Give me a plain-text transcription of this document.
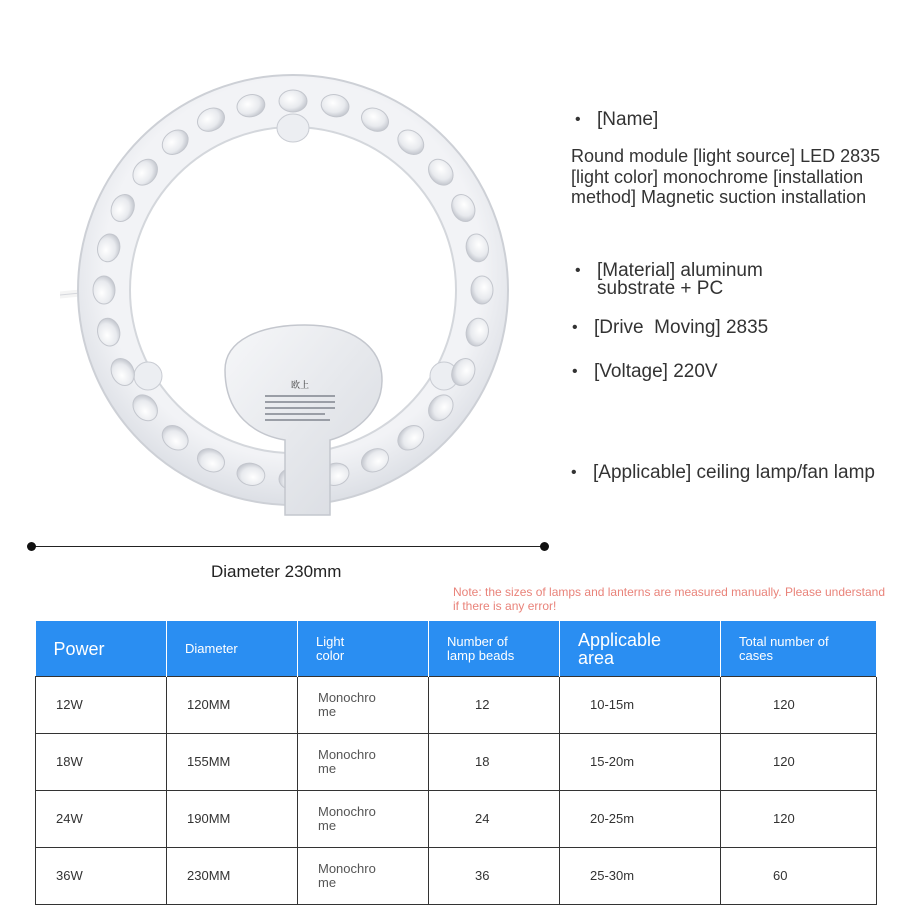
欧上
Diameter 230mm
• [Name]
Round module [light source] LED 2835 [light color] monochrome [installation method] Magnetic suction installation
• [Material] aluminum substrate + PC
• [Drive  Moving] 2835
• [Voltage] 220V
• [Applicable] ceiling lamp/fan lamp
Note: the sizes of lamps and lanterns are measured manually. Please understand if there is any error!
Power	Diameter	Light color	Number of lamp beads	Applicable area	Total number of cases

12W	120MM	Monochrome	12	10-15m	120
18W	155MM	Monochrome	18	15-20m	120
24W	190MM	Monochrome	24	20-25m	120
36W	230MM	Monochrome	36	25-30m	60
